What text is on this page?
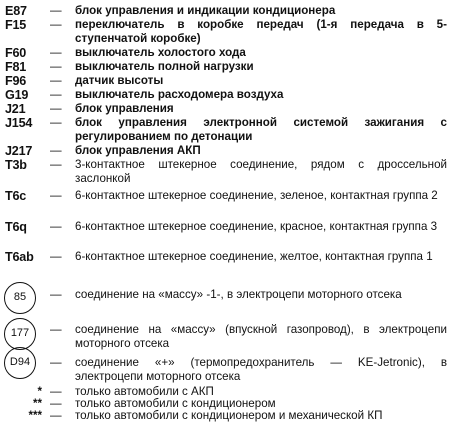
E87 — блок управления и индикации кондиционера
F15 — переключатель в коробке передач (1-я передача в 5-ступенчатой коробке)
F60 — выключатель холостого хода
F81 — выключатель полной нагрузки
F96 — датчик высоты
G19 — выключатель расходомера воздуха
J21 — блок управления
J154 — блок управления электронной системой зажигания с регулированием по детонации
J217 — блок управления АКП
T3b — 3-контактное штекерное соединение, рядом с дроссельной заслонкой
T6c — 6-контактное штекерное соединение, зеленое, контактная группа 2
T6q — 6-контактное штекерное соединение, красное, контактная группа 3
T6ab — 6-контактное штекерное соединение, желтое, контактная группа 1
85	— соединение на «массу» -1-, в электроцепи моторного отсека
177	— соединение на «массу» (впускной газопровод), в электроцепи моторного отсека
D94	— соединение «+» (термопредохранитель — KE-Jetronic), в электроцепи моторного отсека
* — только автомобили с АКП
** — только автомобили с кондиционером
*** — только автомобили с кондиционером и механической КП
